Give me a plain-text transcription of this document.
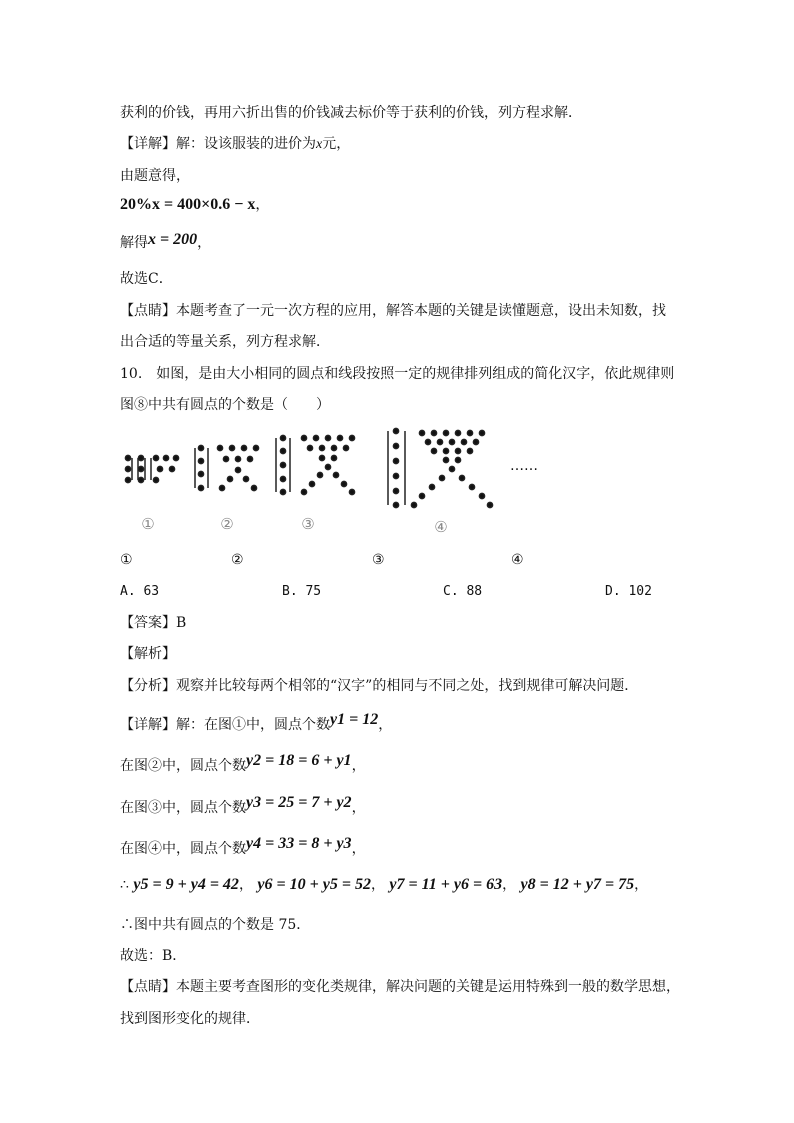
获利的价钱，再用六折出售的价钱减去标价等于获利的价钱，列方程求解．
【详解】解：设该服装的进价为x元，
由题意得，
20%x = 400×0.6 − x，
解得x = 200，
故选C．
【点睛】本题考查了一元一次方程的应用，解答本题的关键是读懂题意，设出未知数，找
出合适的等量关系，列方程求解．
10.　如图，是由大小相同的圆点和线段按照一定的规律排列组成的简化汉字，依此规律则
图⑧中共有圆点的个数是（　　）
……
①	②	③	④
①	②	③	④
A. 63	B. 75	C. 88	D. 102
【答案】B
【解析】
【分析】观察并比较每两个相邻的“汉字”的相同与不同之处，找到规律可解决问题．
【详解】解：在图①中，圆点个数y1 = 12，
在图②中，圆点个数y2 = 18 = 6 + y1，
在图③中，圆点个数y3 = 25 = 7 + y2，
在图④中，圆点个数y4 = 33 = 8 + y3，
∴ y5 = 9 + y4 = 42， y6 = 10 + y5 = 52， y7 = 11 + y6 = 63， y8 = 12 + y7 = 75，
∴图中共有圆点的个数是 75．
故选：B．
【点睛】本题主要考查图形的变化类规律，解决问题的关键是运用特殊到一般的数学思想，
找到图形变化的规律．
